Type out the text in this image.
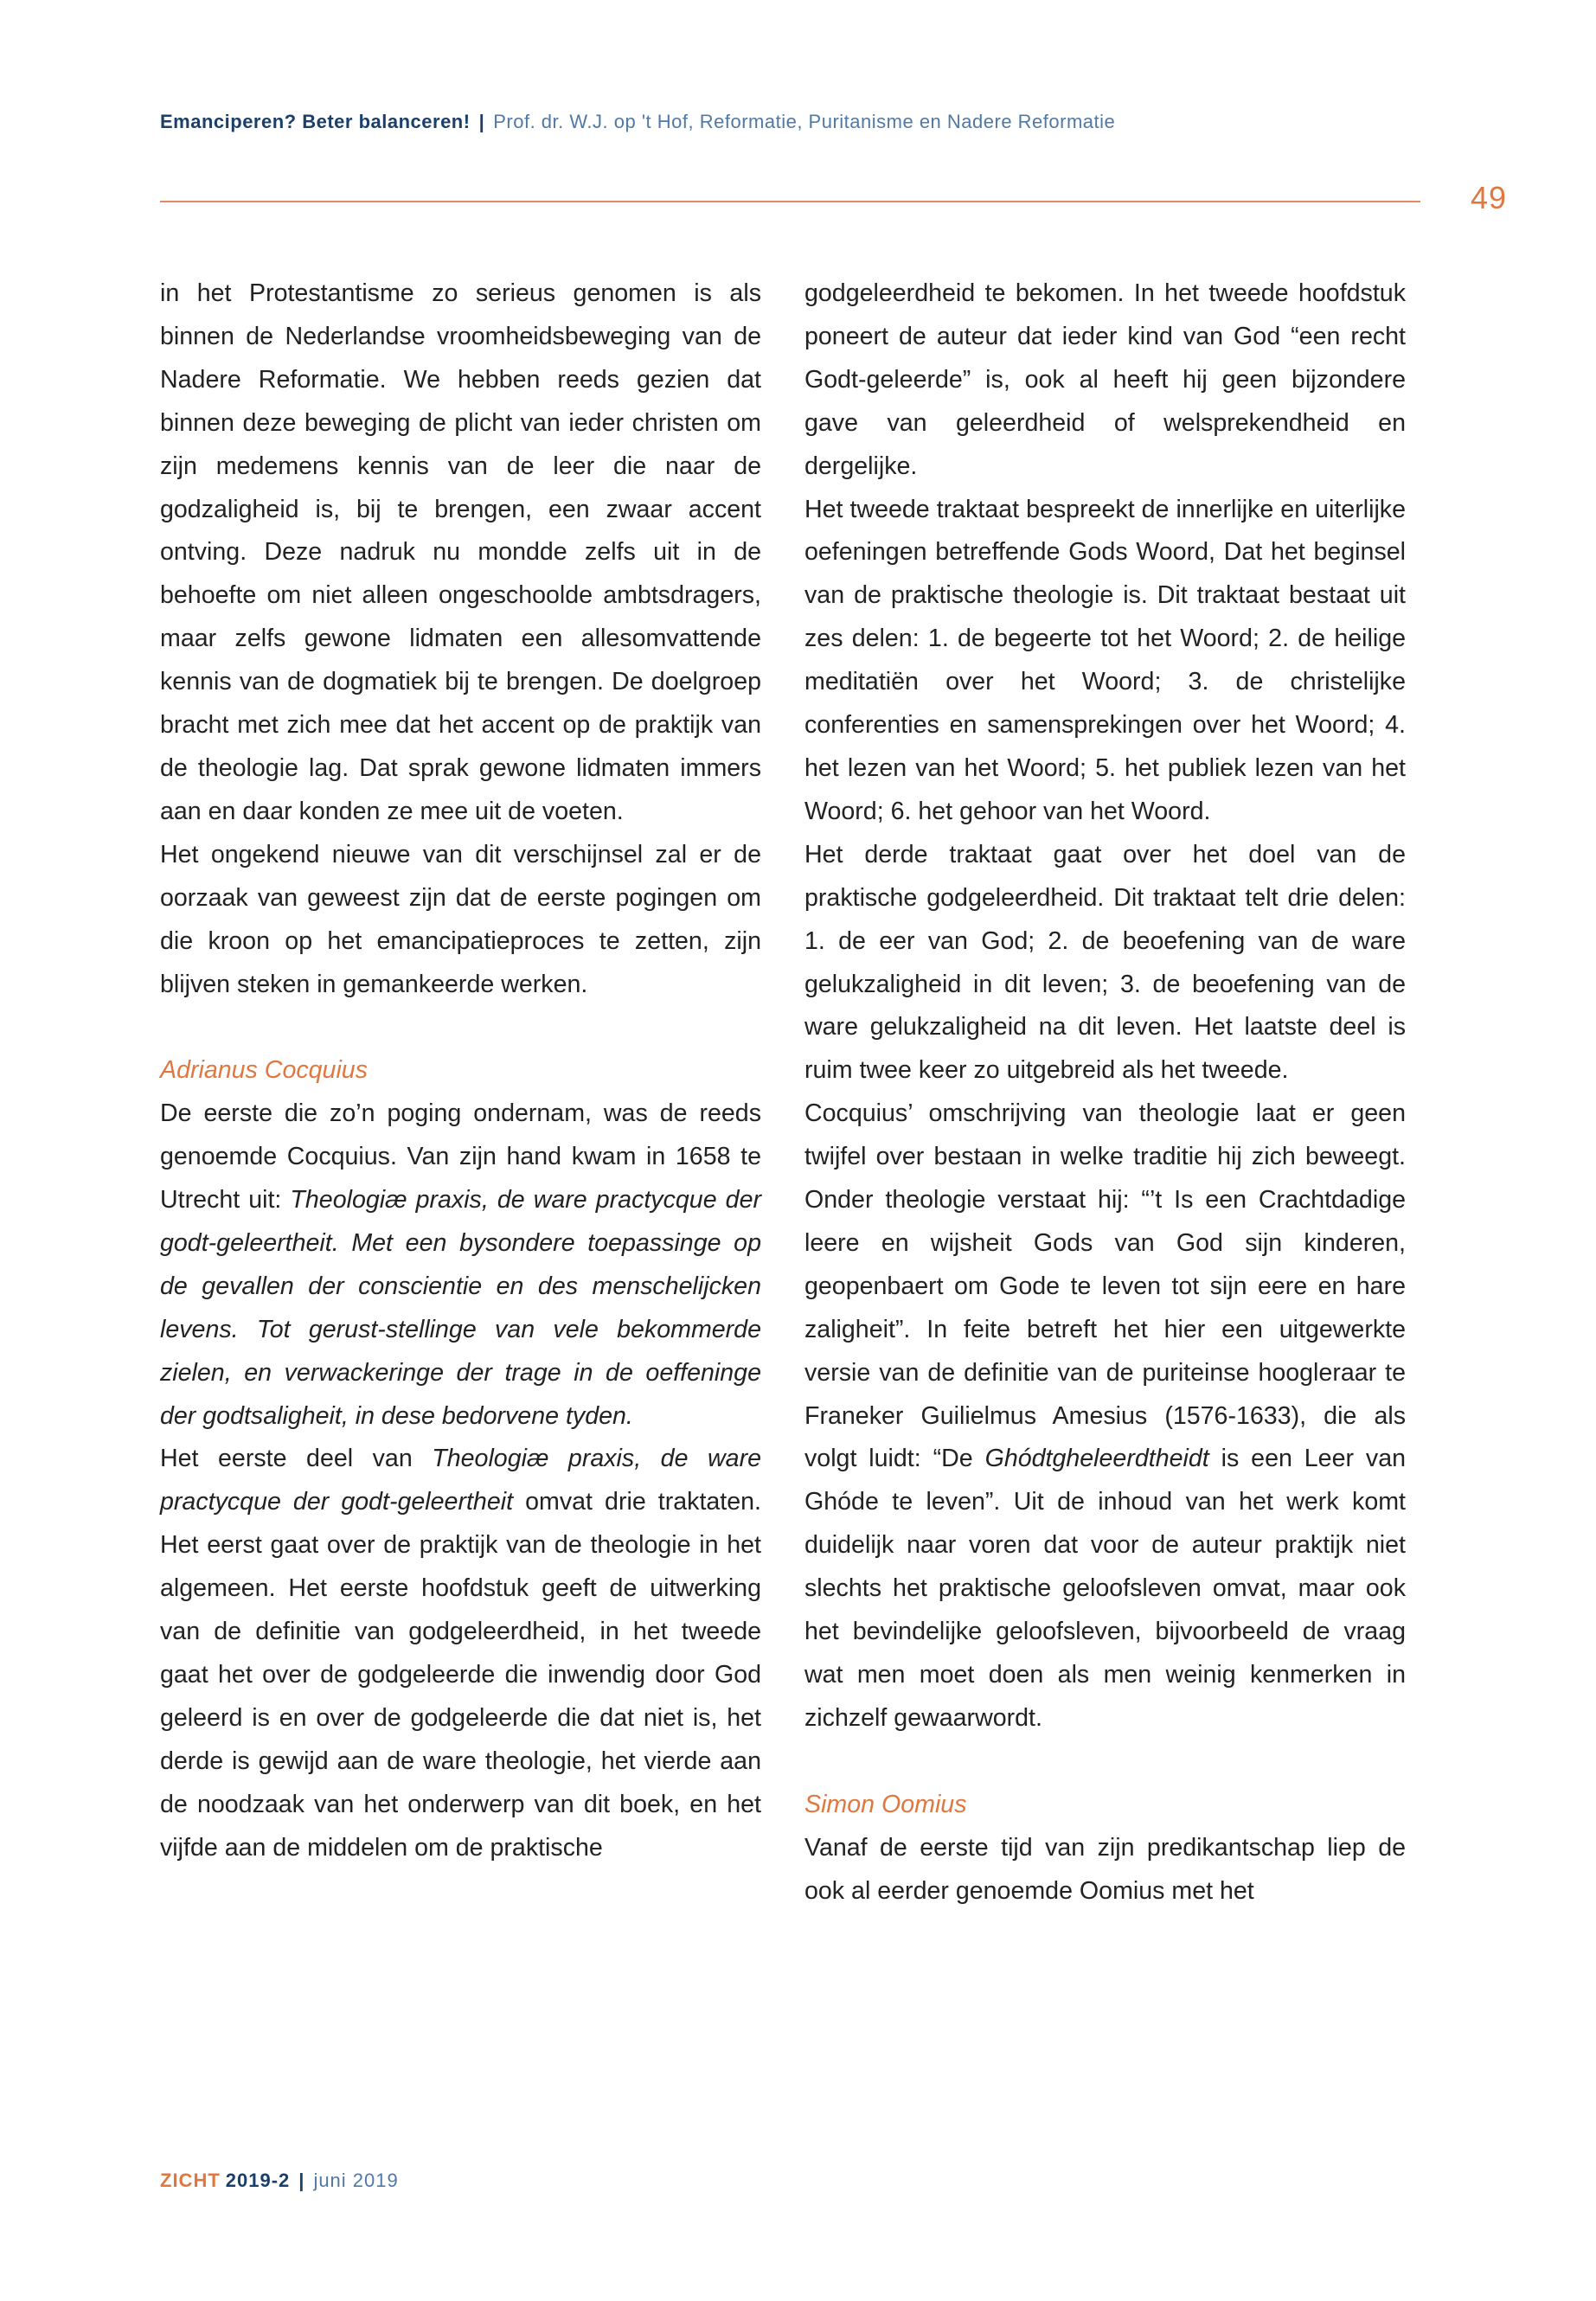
Emanciperen? Beter balanceren! | Prof. dr. W.J. op 't Hof, Reformatie, Puritanisme en Nadere Reformatie
49

in het Protestantisme zo serieus genomen is als binnen de Nederlandse vroomheidsbeweging van de Nadere Reformatie. We hebben reeds gezien dat binnen deze beweging de plicht van ieder christen om zijn medemens kennis van de leer die naar de godzaligheid is, bij te brengen, een zwaar accent ontving. Deze nadruk nu mondde zelfs uit in de behoefte om niet alleen ongeschoolde ambtsdragers, maar zelfs gewone lidmaten een allesomvattende kennis van de dogmatiek bij te brengen. De doelgroep bracht met zich mee dat het accent op de praktijk van de theologie lag. Dat sprak gewone lidmaten immers aan en daar konden ze mee uit de voeten.

Het ongekend nieuwe van dit verschijnsel zal er de oorzaak van geweest zijn dat de eerste pogingen om die kroon op het emancipatieproces te zetten, zijn blijven steken in gemankeerde werken.

Adrianus Cocquius

De eerste die zo’n poging ondernam, was de reeds genoemde Cocquius. Van zijn hand kwam in 1658 te Utrecht uit: Theologiæ praxis, de ware practycque der godt-geleertheit. Met een bysondere toepassinge op de gevallen der conscientie en des menschelijcken levens. Tot gerust-stellinge van vele bekommerde zielen, en verwackeringe der trage in de oeffeninge der godtsaligheit, in dese bedorvene tyden.

Het eerste deel van Theologiæ praxis, de ware practycque der godt-geleertheit omvat drie traktaten. Het eerst gaat over de praktijk van de theologie in het algemeen. Het eerste hoofdstuk geeft de uitwerking van de definitie van godgeleerdheid, in het tweede gaat het over de godgeleerde die inwendig door God geleerd is en over de godgeleerde die dat niet is, het derde is gewijd aan de ware theologie, het vierde aan de noodzaak van het onderwerp van dit boek, en het vijfde aan de middelen om de praktische

godgeleerdheid te bekomen. In het tweede hoofdstuk poneert de auteur dat ieder kind van God “een recht Godt-geleerde” is, ook al heeft hij geen bijzondere gave van geleerdheid of welsprekendheid en dergelijke.

Het tweede traktaat bespreekt de innerlijke en uiterlijke oefeningen betreffende Gods Woord, Dat het beginsel van de praktische theologie is. Dit traktaat bestaat uit zes delen: 1. de begeerte tot het Woord; 2. de heilige meditatiën over het Woord; 3. de christelijke conferenties en samensprekingen over het Woord; 4. het lezen van het Woord; 5. het publiek lezen van het Woord; 6. het gehoor van het Woord.

Het derde traktaat gaat over het doel van de praktische godgeleerdheid. Dit traktaat telt drie delen: 1. de eer van God; 2. de beoefening van de ware gelukzaligheid in dit leven; 3. de beoefening van de ware gelukzaligheid na dit leven. Het laatste deel is ruim twee keer zo uitgebreid als het tweede.

Cocquius’ omschrijving van theologie laat er geen twijfel over bestaan in welke traditie hij zich beweegt. Onder theologie verstaat hij: “’t Is een Crachtdadige leere en wijsheit Gods van God sijn kinderen, geopenbaert om Gode te leven tot sijn eere en hare zaligheit”. In feite betreft het hier een uitgewerkte versie van de definitie van de puriteinse hoogleraar te Franeker Guilielmus Amesius (1576-1633), die als volgt luidt: “De Ghódtgheleerdtheidt is een Leer van Ghóde te leven”. Uit de inhoud van het werk komt duidelijk naar voren dat voor de auteur praktijk niet slechts het praktische geloofsleven omvat, maar ook het bevindelijke geloofsleven, bijvoorbeeld de vraag wat men moet doen als men weinig kenmerken in zichzelf gewaarwordt.

Simon Oomius

Vanaf de eerste tijd van zijn predikantschap liep de ook al eerder genoemde Oomius met het

ZICHT 2019-2 | juni 2019
